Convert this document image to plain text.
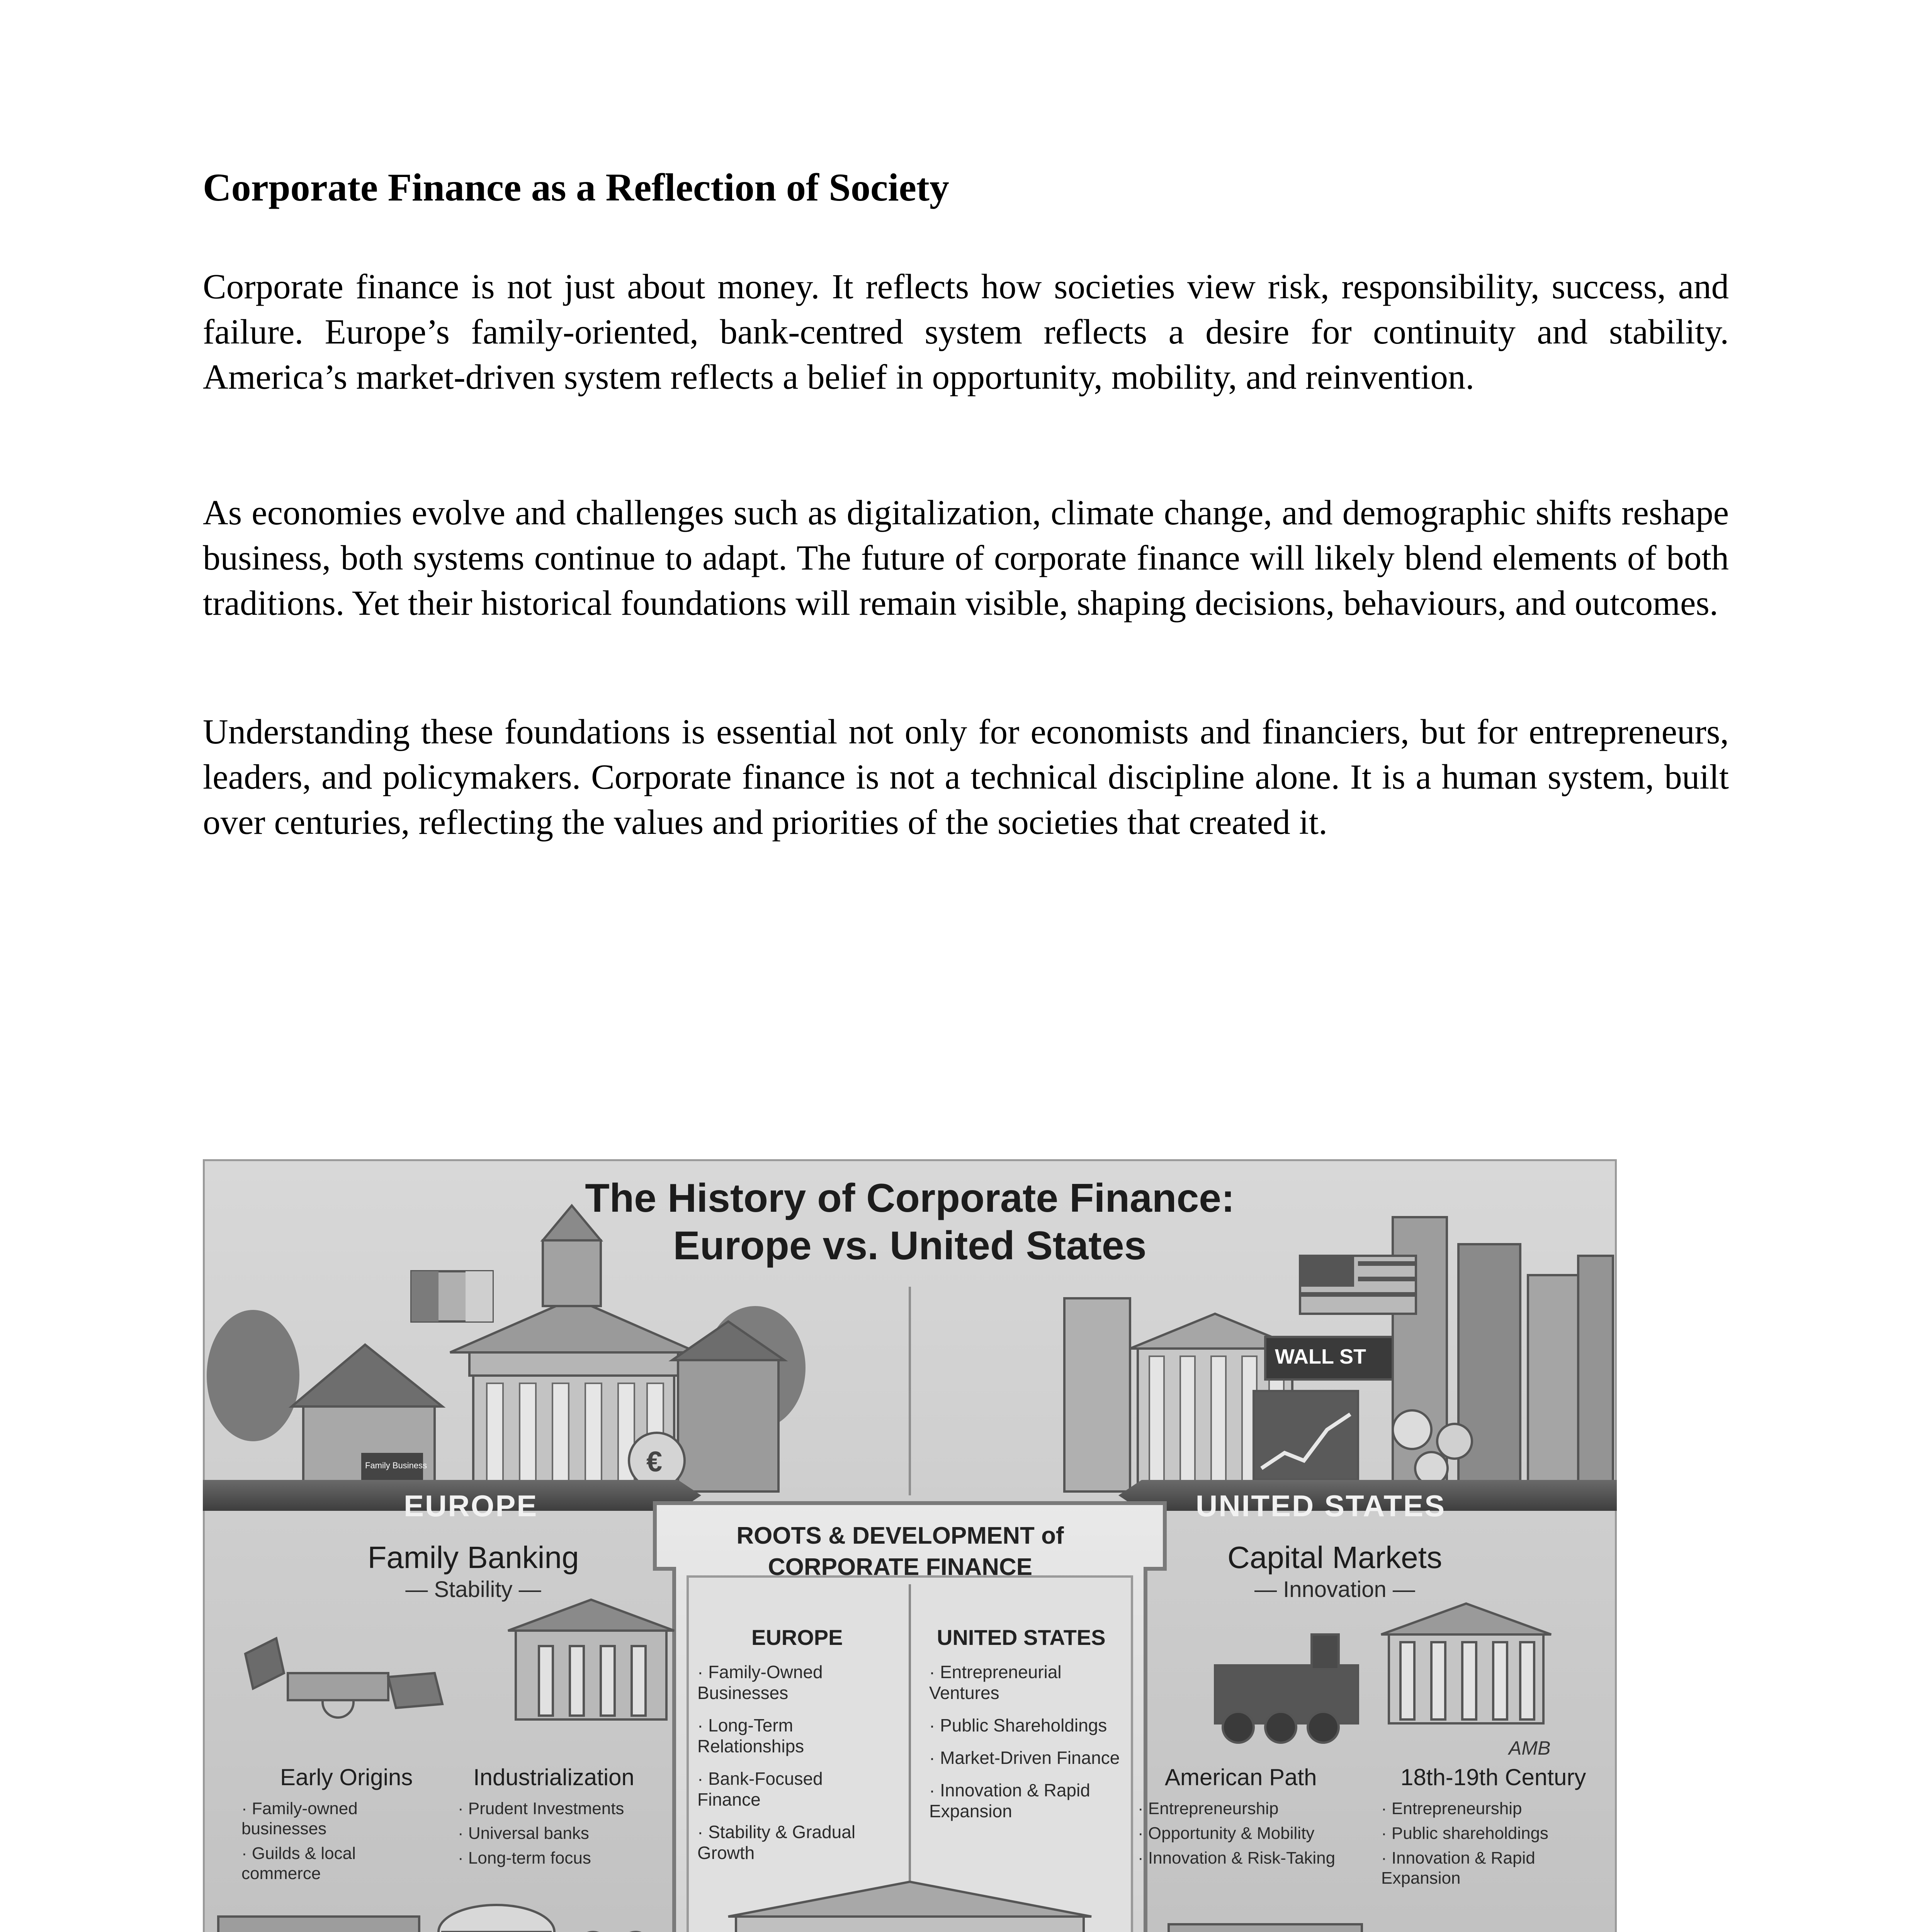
Corporate Finance as a Reflection of Society

Corporate finance is not just about money. It reflects how societies view risk, responsibility, success, and failure. Europe’s family-oriented, bank-centred system reflects a desire for continuity and stability. America’s market-driven system reflects a belief in opportunity, mobility, and reinvention.

As economies evolve and challenges such as digitalization, climate change, and demographic shifts reshape business, both systems continue to adapt. The future of corporate finance will likely blend elements of both traditions. Yet their historical foundations will remain visible, shaping decisions, behaviours, and outcomes.

Understanding these foundations is essential not only for economists and financiers, but for entrepreneurs, leaders, and policymakers. Corporate finance is not a technical discipline alone. It is a human system, built over centuries, reflecting the values and priorities of the societies that created it.

The History of Corporate Finance:
Europe vs. United States

Family Business	€

WALL ST

EUROPE	UNITED STATES

Family Banking

— Stability —

Capital Markets

— Innovation —

ROOTS & DEVELOPMENT of
CORPORATE FINANCE

EUROPE

· Family-Owned Businesses
· Long-Term Relationships
· Bank-Focused Finance
· Stability & Gradual Growth

UNITED STATES

· Entrepreneurial Ventures
· Public Shareholdings
· Market-Driven Finance
· Innovation & Rapid Expansion

Early Origins

· Family-owned businesses
· Guilds & local commerce

Industrialization

· Prudent Investments
· Universal banks
· Long-term focus

American Path

· Entrepreneurship
· Opportunity & Mobility
· Innovation & Risk-Taking

18th-19th Century

· Entrepreneurship
· Public shareholdings
· Innovation & Rapid Expansion

AMB
